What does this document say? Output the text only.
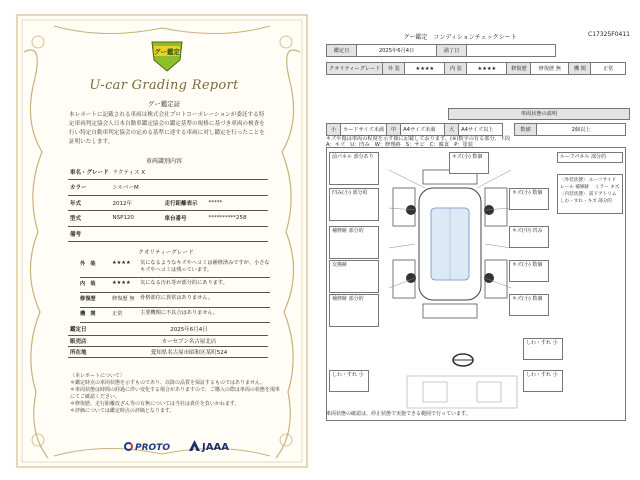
グー鑑定
U-car Grading Report
グー鑑定証
本レポートに記載される車両は株式会社プロトコーポレーションが委託する特定車両判定協会人日本自動車鑑定協会の鑑定基準の規格に基づき車両の検査を行い特定自動車判定協会の定める基準に達する車両に対し鑑定を行ったことを証明いたします。
車両識別内容
車名・グレード	ラクティス X		
カラー	シルバーM		
年式	2012年	走行距離表示	*****
型式	NSP120	車台番号	**********258
備考			
クオリティーグレード
外　装	★★★★	気になるようなキズやヘコミは補修済みですが、小さなキズやヘコミは残っています。
内　装	★★★★	気になる汚れ等が部分的にあります。
修復歴	修復歴 無	骨格部位に異常はありません。
機　関	正常	主要機関に不具合はありません。
鑑定日	2025年6月4日
販売店	カーセブン名古屋北店
所在地	愛知県名古屋市昭和区某町524
〈本レポートについて〉
＊鑑定時点の車両状態を示すものであり、以降の品質を保証するものではありません。
＊車両状態は時間の経過に伴い変化する場合がありますので、ご購入の際は車両の状態を現車にてご確認ください。
＊修復歴、走行距離改ざん等の有無については当社は責任を負いかねます。
＊評価については鑑定時点の評価となります。
PROTO	JAAA
グー鑑定　コンディションチェックシート	C17325F0411
鑑定日	2025年6月4日	満了日	
クオリティーグレード	外 装	★★★★	内 装	★★★★	修復歴	修復歴 無	機 関	正常
車両状態の説明
小	カードサイズ未満	中	A4サイズ未満	大	A4サイズ以上		数値	2個以上
キズや傷は車両の程度を示す様に記載しております。(※)数字の有る部分、下段
A：キズ　U：凹み　W：修理跡　S：サビ　C：腐食　P：塗装
前パネル 部分あり	キズ(小) 数個
凹み(小) 部分的	キズ(小) 数個
補修跡 部分的	キズ(中) 凹み
交換跡	キズ(小) 数個
補修跡 部分的	キズ(小) 数個
しわ・すれ 小
しわ・すれ 小	しわ・すれ 小
ルーフパネル 部分的
〈外装状態〉 ルーフサイドレール 補修跡 　ミラー キズ　〈内装状態〉 前ドアトリム しわ・すれ・キズ 部分的
車両状態の確認は、停止状態で実施できる範囲で行っています。
